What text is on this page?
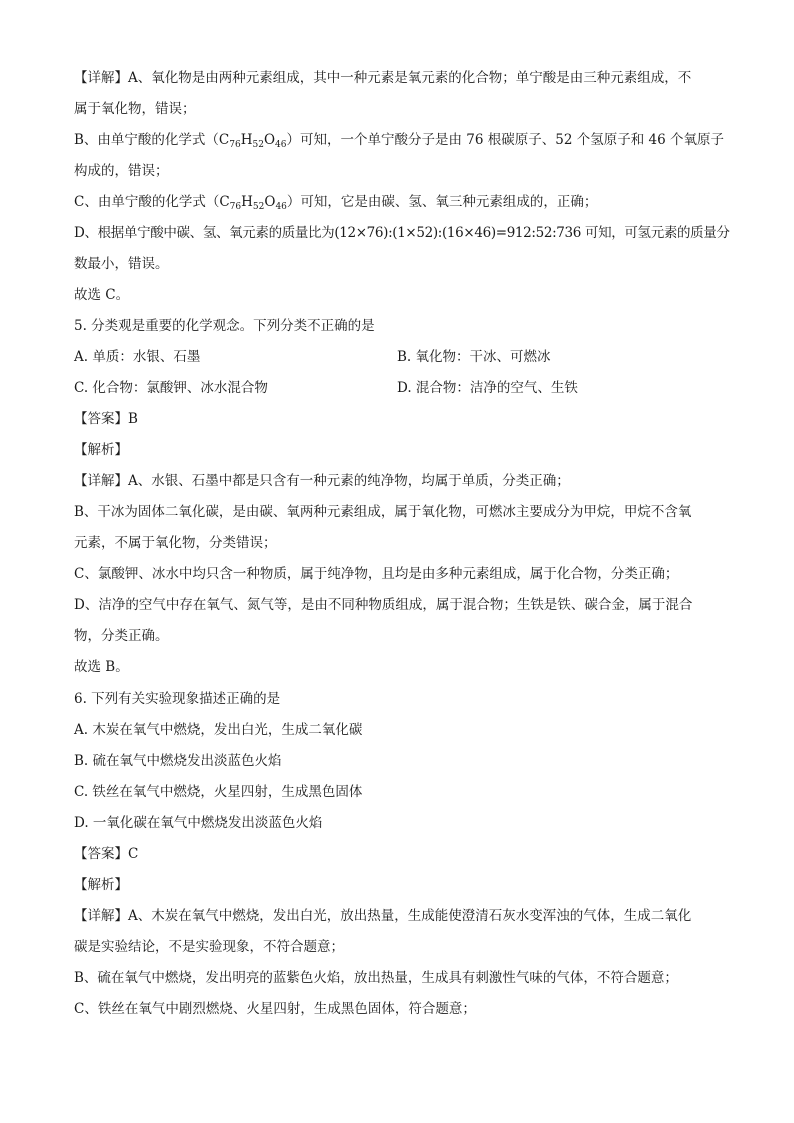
【详解】A、氧化物是由两种元素组成，其中一种元素是氧元素的化合物；单宁酸是由三种元素组成，不
属于氧化物，错误；
B、由单宁酸的化学式$(C_{76}H_{52}O_{46})$可知，一个单宁酸分子是由 76 根碳原子、52 个氢原子和 46 个氧原子
构成的，错误；
C、由单宁酸的化学式$(C_{76}H_{52}O_{46})$可知，它是由碳、氢、氧三种元素组成的，正确；
D、根据单宁酸中碳、氢、氧元素的质量比为(12×76):(1×52):(16×46)=912:52:736 可知，可氢元素的质量分
数最小，错误。
故选 C。
5. 分类观是重要的化学观念。下列分类不正确的是
A. 单质：水银、石墨	B. 氧化物：干冰、可燃冰
C. 化合物：氯酸钾、冰水混合物	D. 混合物：洁净的空气、生铁
【答案】B
【解析】
【详解】A、水银、石墨中都是只含有一种元素的纯净物，均属于单质，分类正确；
B、干冰为固体二氧化碳，是由碳、氧两种元素组成，属于氧化物，可燃冰主要成分为甲烷，甲烷不含氧
元素，不属于氧化物，分类错误；
C、氯酸钾、冰水中均只含一种物质，属于纯净物，且均是由多种元素组成，属于化合物，分类正确；
D、洁净的空气中存在氧气、氮气等，是由不同种物质组成，属于混合物；生铁是铁、碳合金，属于混合
物，分类正确。
故选 B。
6. 下列有关实验现象描述正确的是
A. 木炭在氧气中燃烧，发出白光，生成二氧化碳
B. 硫在氧气中燃烧发出淡蓝色火焰
C. 铁丝在氧气中燃烧，火星四射，生成黑色固体
D. 一氧化碳在氧气中燃烧发出淡蓝色火焰
【答案】C
【解析】
【详解】A、木炭在氧气中燃烧，发出白光，放出热量，生成能使澄清石灰水变浑浊的气体，生成二氧化
碳是实验结论，不是实验现象，不符合题意；
B、硫在氧气中燃烧，发出明亮的蓝紫色火焰，放出热量，生成具有刺激性气味的气体，不符合题意；
C、铁丝在氧气中剧烈燃烧、火星四射，生成黑色固体，符合题意；
